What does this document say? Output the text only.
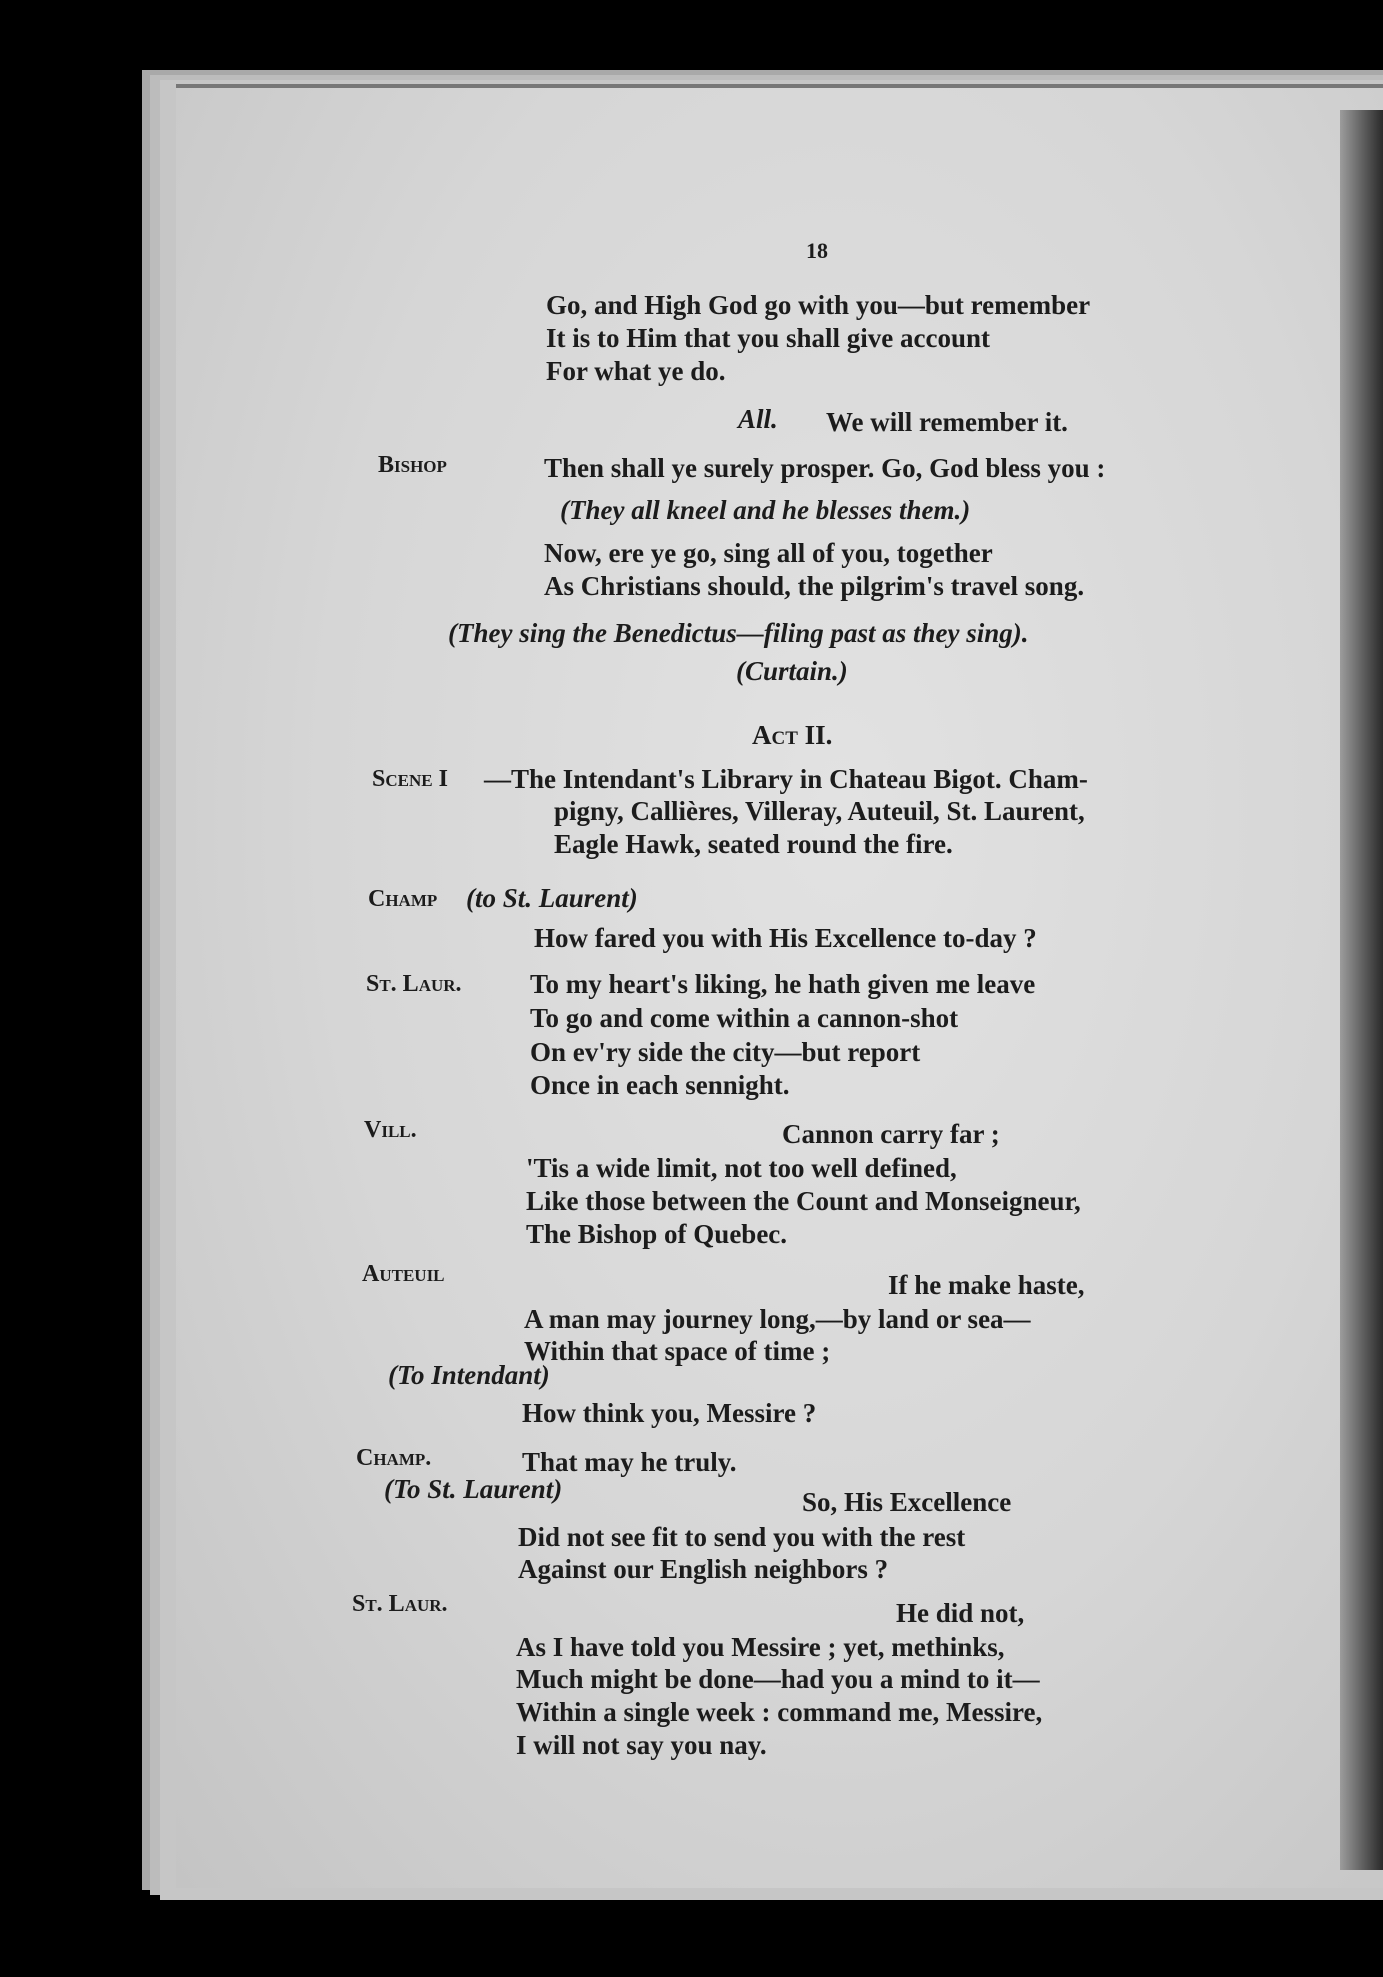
18
Go, and High God go with you—but remember
It is to Him that you shall give account
For what ye do.
All. We will remember it.
Bishop	Then shall ye surely prosper. Go, God bless you :
(They all kneel and he blesses them.)
Now, ere ye go, sing all of you, together
As Christians should, the pilgrim's travel song.
(They sing the Benedictus—filing past as they sing).
(Curtain.)
Act II.
Scene I —The Intendant's Library in Chateau Bigot. Cham-
pigny, Callières, Villeray, Auteuil, St. Laurent,
Eagle Hawk, seated round the fire.
Champ (to St. Laurent)
How fared you with His Excellence to-day ?
St. Laur.	To my heart's liking, he hath given me leave
To go and come within a cannon-shot
On ev'ry side the city—but report
Once in each sennight.
Vill.	Cannon carry far ;
'Tis a wide limit, not too well defined,
Like those between the Count and Monseigneur,
The Bishop of Quebec.
Auteuil	If he make haste,
A man may journey long,—by land or sea—
Within that space of time ;
(To Intendant)
How think you, Messire ?
Champ.	That may he truly.
(To St. Laurent)	So, His Excellence
Did not see fit to send you with the rest
Against our English neighbors ?
St. Laur.	He did not,
As I have told you Messire ; yet, methinks,
Much might be done—had you a mind to it—
Within a single week : command me, Messire,
I will not say you nay.
